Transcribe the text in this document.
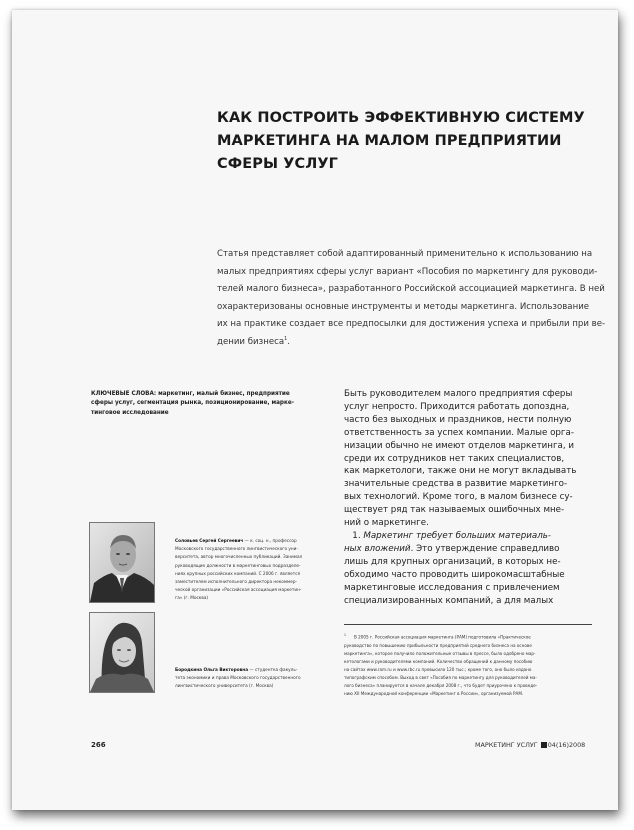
КАК ПОСТРОИТЬ ЭФФЕКТИВНУЮ СИСТЕМУ
МАРКЕТИНГА НА МАЛОМ ПРЕДПРИЯТИИ
СФЕРЫ УСЛУГ
Статья представляет собой адаптированный применительно к использованию на
малых предприятиях сферы услуг вариант «Пособия по маркетингу для руководи-
телей малого бизнеса», разработанного Российской ассоциацией маркетинга. В ней
охарактеризованы основные инструменты и методы маркетинга. Использование
их на практике создает все предпосылки для достижения успеха и прибыли при ве-
дении бизнеса$^1$.
КЛЮЧЕВЫЕ СЛОВА: маркетинг, малый бизнес, предприятие
сферы услуг, сегментация рынка, позиционирование, марке-
тинговое исследование
Быть руководителем малого предприятия сферы
услуг непросто. Приходится работать допоздна,
часто без выходных и праздников, нести полную
ответственность за успех компании. Малые орга-
низации обычно не имеют отделов маркетинга, и
среди их сотрудников нет таких специалистов,
как маркетологи, также они не могут вкладывать
значительные средства в развитие маркетинго-
вых технологий. Кроме того, в малом бизнесе су-
ществует ряд так называемых ошибочных мне-
ний о маркетинге.
1. Маркетинг требует больших материаль-
ных вложений. Это утверждение справедливо
лишь для крупных организаций, в которых не-
обходимо часто проводить широкомасштабные
маркетинговые исследования с привлечением
специализированных компаний, а для малых
Соловьев Сергей Сергеевич — к. соц. н., профессор
Московского государственного лингвистического уни-
верситета, автор многочисленных публикаций. Занимал
руководящие должности в маркетинговых подразделе-
ниях крупных российских компаний. С 2006 г. является
заместителем исполнительного директора некоммер-
ческой организации «Российская ассоциация маркетин-
га» (г. Москва)
Бородкина Ольга Викторовна — студентка факуль-
тета экономики и права Московского государственного
лингвистического университета (г. Москва)
$^1$В 2005 г. Российская ассоциация маркетинга (РАМ) подготовила «Практическое
руководство по повышению прибыльности предприятий среднего бизнеса на основе
маркетинга», которое получило положительные отзывы в прессе, было одобрено мар-
кетологами и руководителями компаний. Количество обращений к данному пособию
на сайтах www.ram.ru и www.rbc.ru превысило 120 тыс.; кроме того, оно было издано
типографским способом. Выход в свет «Пособия по маркетингу для руководителей ма-
лого бизнеса» планируется в начале декабря 2008 г., что будет приурочено к проведе-
нию XII Международной конференции «Маркетинг в России», организуемой РАМ.
266	МАРКЕТИНГ УСЛУГ 04(16)2008
